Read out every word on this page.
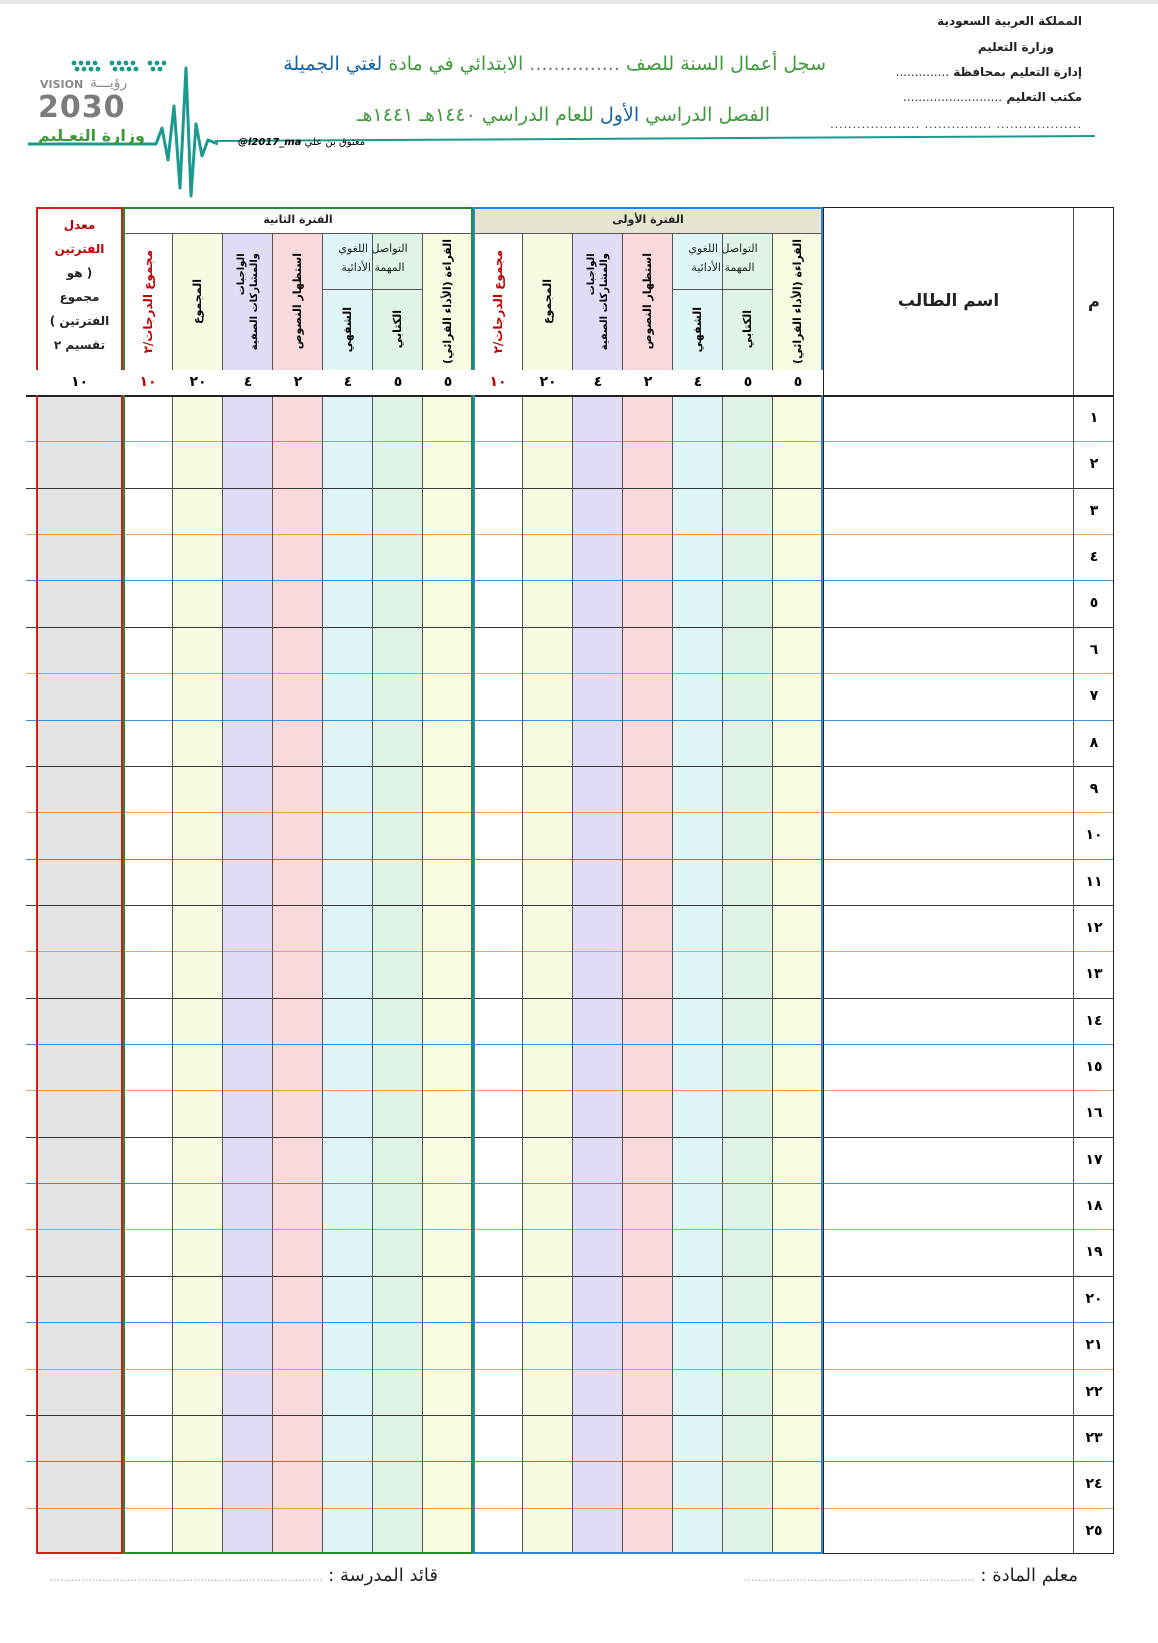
VISION رؤيـــة
2030
وزارة التعـليم
المملكة العربية السعودية
وزارة التعليم
إدارة التعليم بمحافظة ..............
مكتب التعليم ..........................
................... ............... ....................
سجل أعمال السنة للصف ............... الابتدائي في مادة لغتي الجميلة
الفصل الدراسي الأول للعام الدراسي ١٤٤٠هـ ١٤٤١هـ
@l2017_ma معتوق بن علي
الفترة الأولى
الفترة الثانية
م
اسم الطالب
القراءة (الأداء القرائي)
الكتابي
الشفهي
استظهار النصوص
الواجبات والمشاركات الصفية
المجموع
مجموع الدرجات/٢
التواصل اللغوي
المهمة الأدائية
القراءة (الأداء القرائي)
الكتابي
الشفهي
استظهار النصوص
الواجبات والمشاركات الصفية
المجموع
مجموع الدرجات/٢
التواصل اللغوي
المهمة الأدائية
معدل
الفترتين
( هو
مجموع
الفترتين )
تقسيم ٢
٥
٥
٤
٢
٤
٢٠
١٠
٥
٥
٤
٢
٤
٢٠
١٠
١٠
١
٢
٣
٤
٥
٦
٧
٨
٩
١٠
١١
١٢
١٣
١٤
١٥
١٦
١٧
١٨
١٩
٢٠
٢١
٢٢
٢٣
٢٤
٢٥
معلم المادة : ..................................................................
قائد المدرسة : ..............................................................................
